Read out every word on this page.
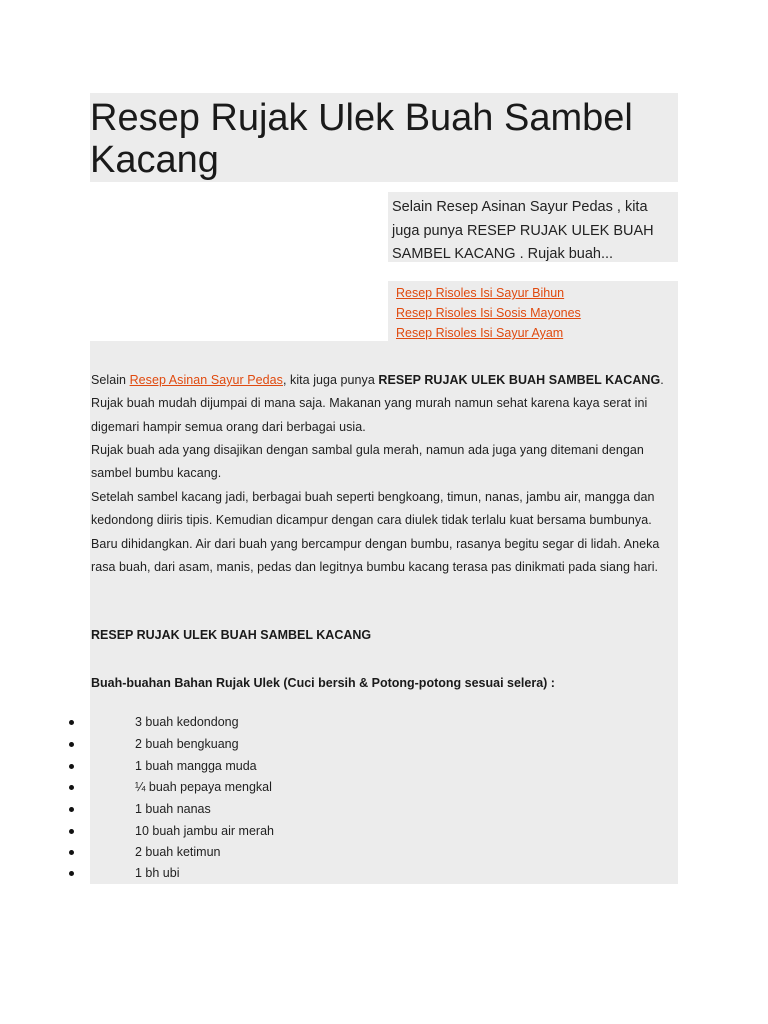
Resep Rujak Ulek Buah Sambel Kacang
Selain Resep Asinan Sayur Pedas , kita juga punya RESEP RUJAK ULEK BUAH SAMBEL KACANG . Rujak buah...
Resep Risoles Isi Sayur Bihun
Resep Risoles Isi Sosis Mayones
Resep Risoles Isi Sayur Ayam
Selain Resep Asinan Sayur Pedas, kita juga punya RESEP RUJAK ULEK BUAH SAMBEL KACANG. Rujak buah mudah dijumpai di mana saja. Makanan yang murah namun sehat karena kaya serat ini digemari hampir semua orang dari berbagai usia.
Rujak buah ada yang disajikan dengan sambal gula merah, namun ada juga yang ditemani dengan sambel bumbu kacang.
Setelah sambel kacang jadi, berbagai buah seperti bengkoang, timun, nanas, jambu air, mangga dan kedondong diiris tipis. Kemudian dicampur dengan cara diulek tidak terlalu kuat bersama bumbunya. Baru dihidangkan. Air dari buah yang bercampur dengan bumbu, rasanya begitu segar di lidah. Aneka rasa buah, dari asam, manis, pedas dan legitnya bumbu kacang terasa pas dinikmati pada siang hari.
RESEP RUJAK ULEK BUAH SAMBEL KACANG
Buah-buahan Bahan Rujak Ulek (Cuci bersih & Potong-potong sesuai selera) :
3 buah kedondong
2 buah bengkuang
1 buah mangga muda
¼ buah pepaya mengkal
1 buah nanas
10 buah jambu air merah
2 buah ketimun
1 bh ubi
